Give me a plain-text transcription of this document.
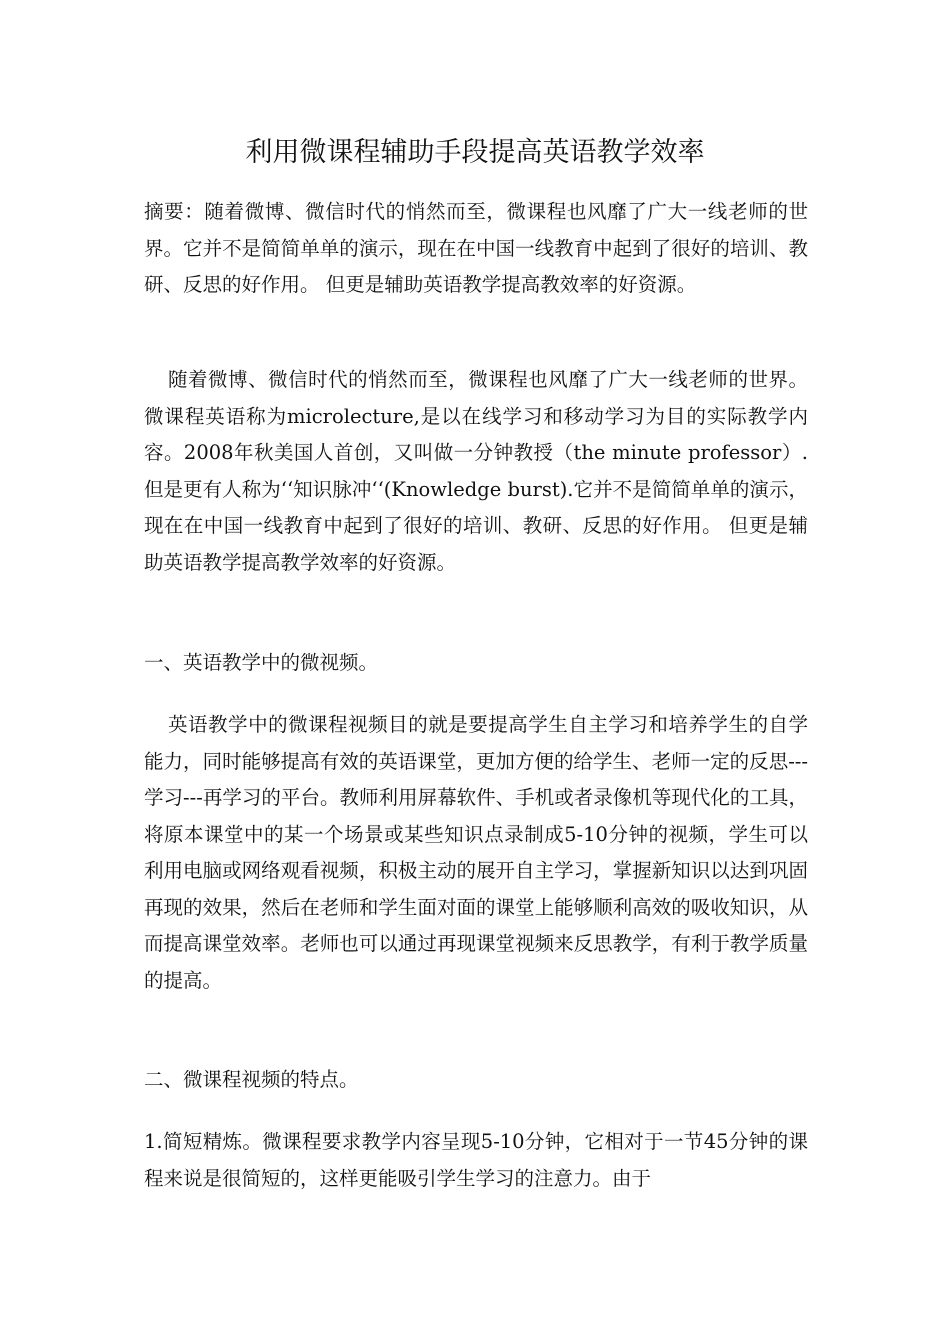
利用微课程辅助手段提高英语教学效率

摘要：随着微博、微信时代的悄然而至，微课程也风靡了广大一线老师的世界。它并不是简简单单的演示，现在在中国一线教育中起到了很好的培训、教研、反思的好作用。 但更是辅助英语教学提高教效率的好资源。

随着微博、微信时代的悄然而至，微课程也风靡了广大一线老师的世界。微课程英语称为microlecture,是以在线学习和移动学习为目的实际教学内容。2008年秋美国人首创，又叫做一分钟教授（the minute professor）.但是更有人称为‘‘知识脉冲‘‘(Knowledge burst).它并不是简简单单的演示，现在在中国一线教育中起到了很好的培训、教研、反思的好作用。 但更是辅助英语教学提高教学效率的好资源。

一、英语教学中的微视频。

英语教学中的微课程视频目的就是要提高学生自主学习和培养学生的自学能力，同时能够提高有效的英语课堂，更加方便的给学生、老师一定的反思---学习---再学习的平台。教师利用屏幕软件、手机或者录像机等现代化的工具，将原本课堂中的某一个场景或某些知识点录制成5-10分钟的视频，学生可以利用电脑或网络观看视频，积极主动的展开自主学习，掌握新知识以达到巩固再现的效果，然后在老师和学生面对面的课堂上能够顺利高效的吸收知识，从而提高课堂效率。老师也可以通过再现课堂视频来反思教学，有利于教学质量的提高。

二、微课程视频的特点。

1.简短精炼。微课程要求教学内容呈现5-10分钟，它相对于一节45分钟的课程来说是很简短的，这样更能吸引学生学习的注意力。由于
